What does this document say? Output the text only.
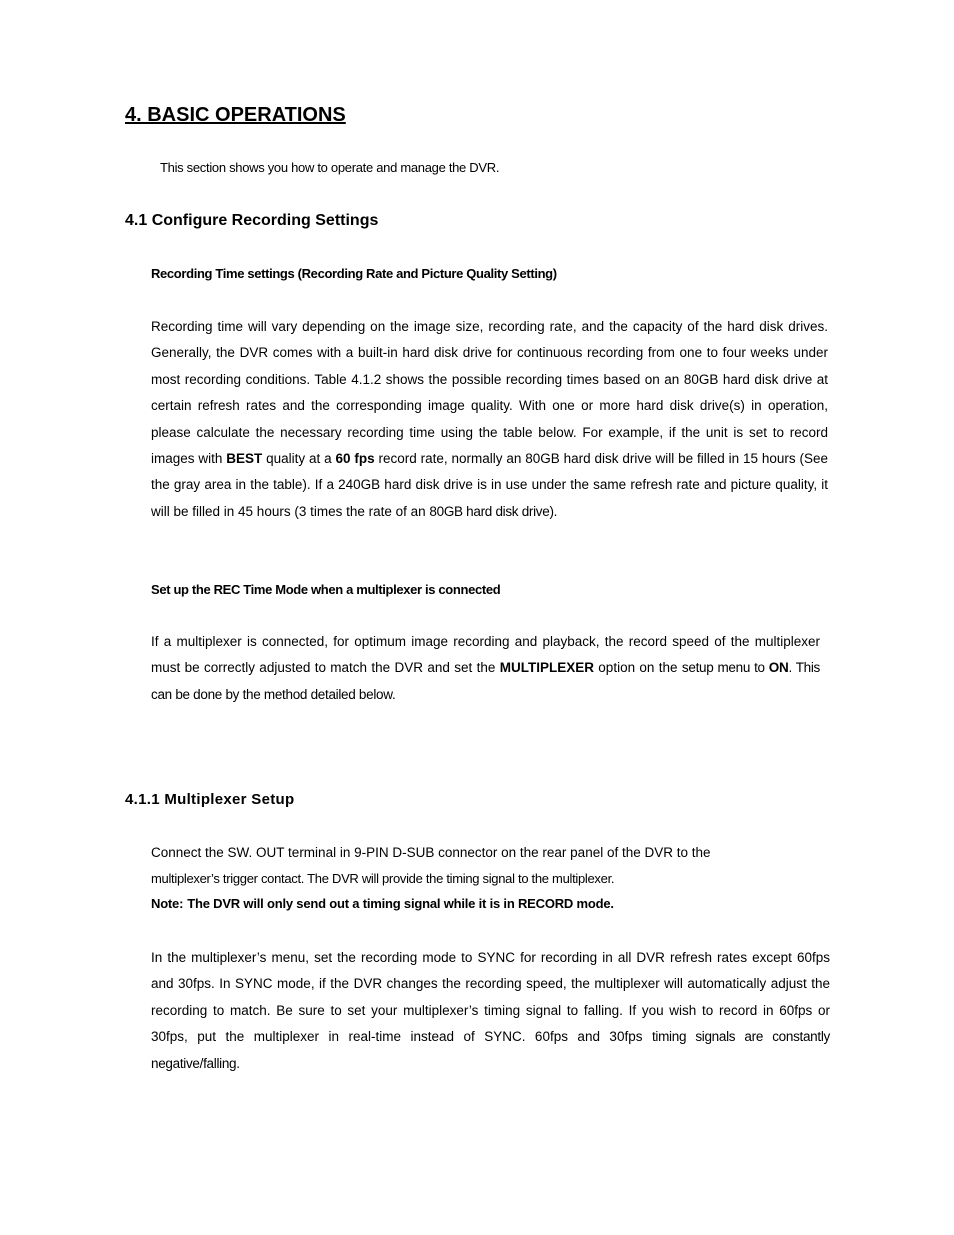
4. BASIC OPERATIONS

This section shows you how to operate and manage the DVR.

4.1 Configure Recording Settings
Recording Time settings (Recording Rate and Picture Quality Setting)

Recording time will vary depending on the image size, recording rate, and the capacity of the hard disk drives. Generally, the DVR comes with a built-in hard disk drive for continuous recording from one to four weeks under most recording conditions. Table 4.1.2 shows the possible recording times based on an 80GB hard disk drive at certain refresh rates and the corresponding image quality. With one or more hard disk drive(s) in operation, please calculate the necessary recording time using the table below. For example, if the unit is set to record images with BEST quality at a 60 fps record rate, normally an 80GB hard disk drive will be filled in 15 hours (See the gray area in the table). If a 240GB hard disk drive is in use under the same refresh rate and picture quality, it will be filled in 45 hours (3 times the rate of an 80GB hard disk drive).

Set up the REC Time Mode when a multiplexer is connected

If a multiplexer is connected, for optimum image recording and playback, the record speed of the multiplexer must be correctly adjusted to match the DVR and set the MULTIPLEXER option on the setup menu to ON. This can be done by the method detailed below.

4.1.1 Multiplexer Setup

Connect the SW. OUT terminal in 9-PIN D-SUB connector on the rear panel of the DVR to the
multiplexer’s trigger contact. The DVR will provide the timing signal to the multiplexer.

Note: The DVR will only send out a timing signal while it is in RECORD mode.

In the multiplexer’s menu, set the recording mode to SYNC for recording in all DVR refresh rates except 60fps and 30fps. In SYNC mode, if the DVR changes the recording speed, the multiplexer will automatically adjust the recording to match. Be sure to set your multiplexer’s timing signal to falling. If you wish to record in 60fps or 30fps, put the multiplexer in real-time instead of SYNC. 60fps and 30fps timing signals are constantly negative/falling.
